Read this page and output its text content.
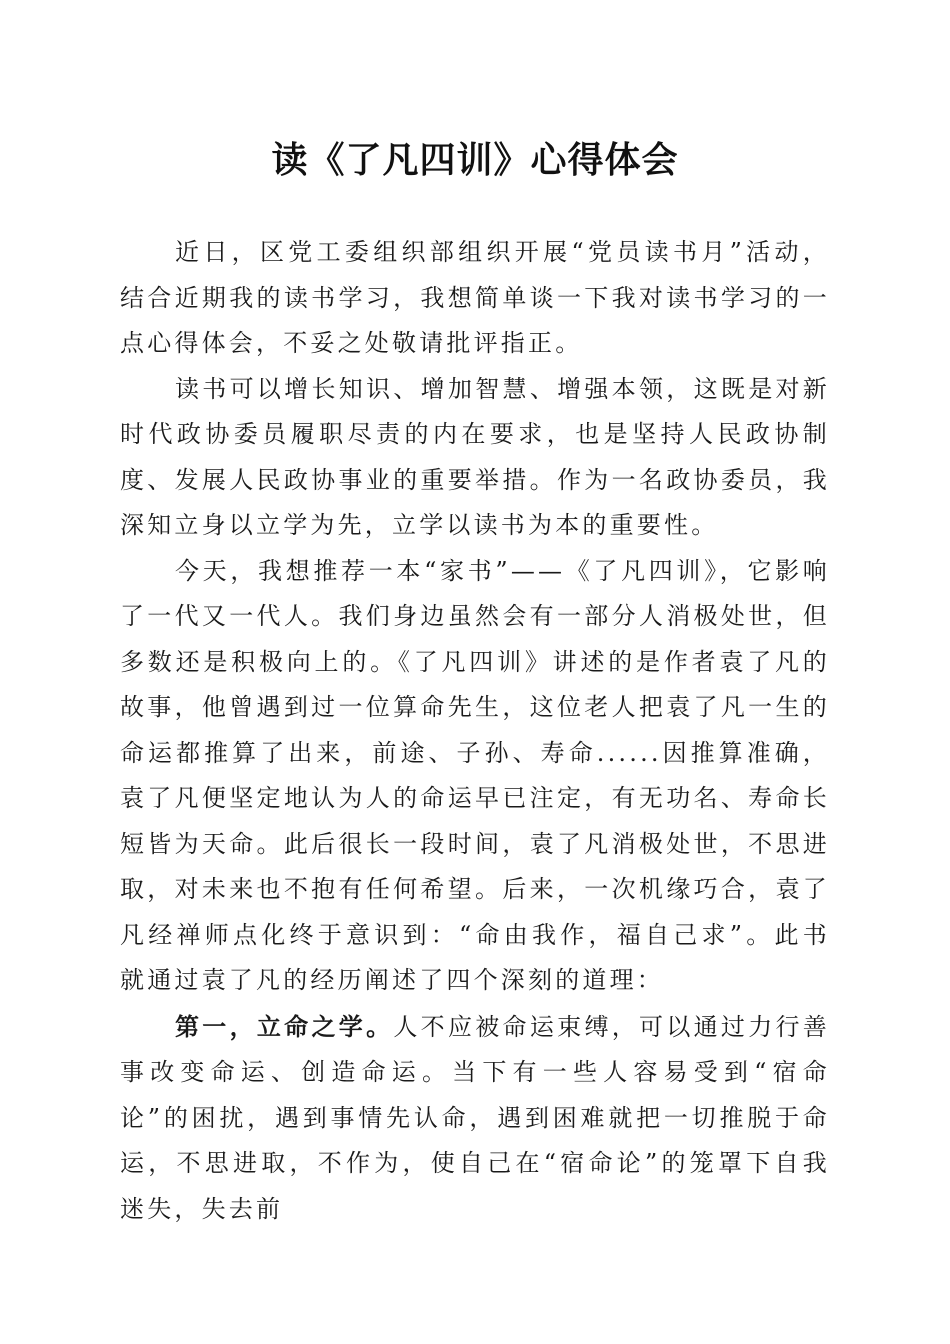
读《了凡四训》心得体会

近日，区党工委组织部组织开展“党员读书月”活动，结合近期我的读书学习，我想简单谈一下我对读书学习的一点心得体会，不妥之处敬请批评指正。

读书可以增长知识、增加智慧、增强本领，这既是对新时代政协委员履职尽责的内在要求，也是坚持人民政协制度、发展人民政协事业的重要举措。作为一名政协委员，我深知立身以立学为先，立学以读书为本的重要性。

今天，我想推荐一本“家书”——《了凡四训》，它影响了一代又一代人。我们身边虽然会有一部分人消极处世，但多数还是积极向上的。《了凡四训》讲述的是作者袁了凡的故事，他曾遇到过一位算命先生，这位老人把袁了凡一生的命运都推算了出来，前途、子孙、寿命......因推算准确，袁了凡便坚定地认为人的命运早已注定，有无功名、寿命长短皆为天命。此后很长一段时间，袁了凡消极处世，不思进取，对未来也不抱有任何希望。后来，一次机缘巧合，袁了凡经禅师点化终于意识到：“命由我作，福自己求”。此书就通过袁了凡的经历阐述了四个深刻的道理：

第一，立命之学。人不应被命运束缚，可以通过力行善事改变命运、创造命运。当下有一些人容易受到“宿命论”的困扰，遇到事情先认命，遇到困难就把一切推脱于命运，不思进取，不作为，使自己在“宿命论”的笼罩下自我迷失，失去前
